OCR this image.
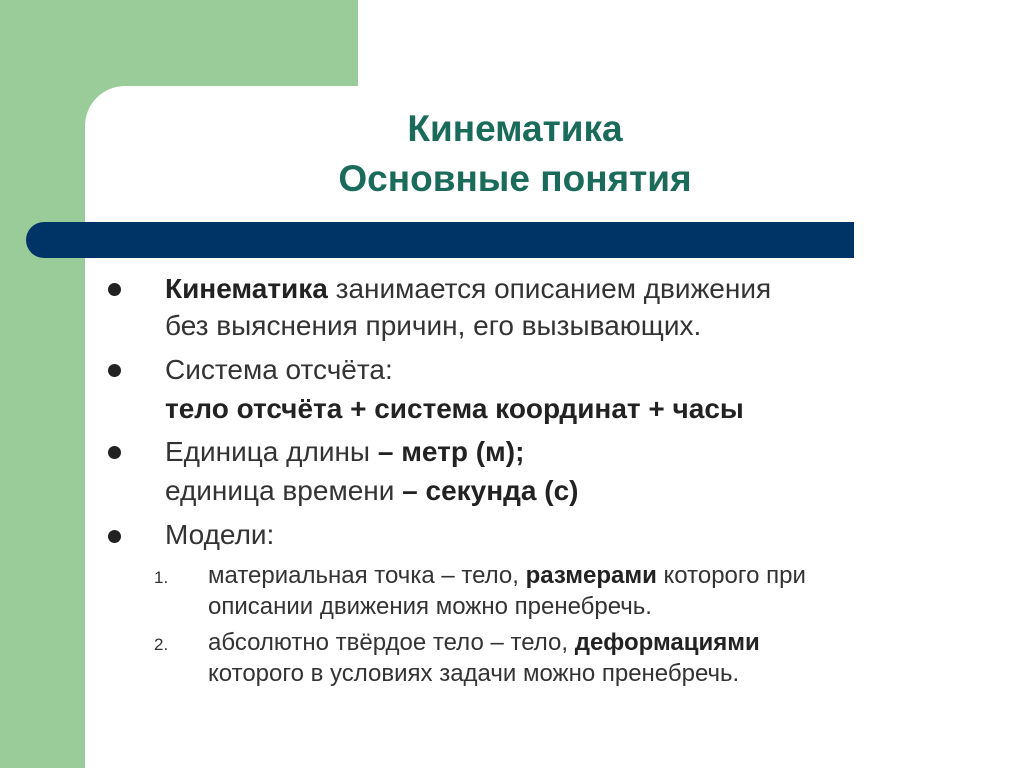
Кинематика
Основные понятия
Кинематика занимается описанием движения
без выяснения причин, его вызывающих.
Система отсчёта:
тело отсчёта + система координат + часы
Единица длины – метр (м);
единица времени – секунда (с)
Модели:
1. материальная точка – тело, размерами которого при
описании движения можно пренебречь.
2. абсолютно твёрдое тело – тело, деформациями
которого в условиях задачи можно пренебречь.
